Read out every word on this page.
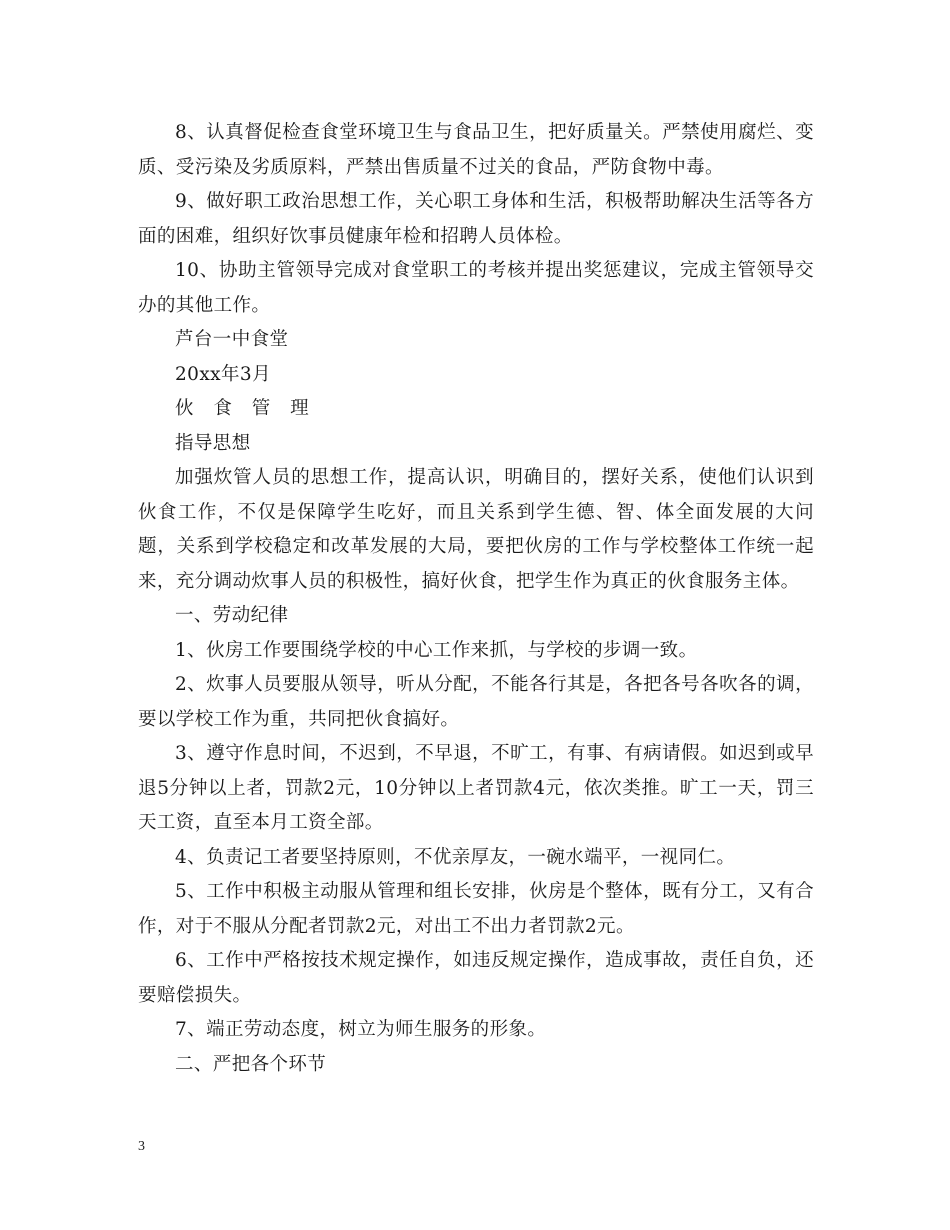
8、认真督促检查食堂环境卫生与食品卫生，把好质量关。严禁使用腐烂、变质、受污染及劣质原料，严禁出售质量不过关的食品，严防食物中毒。

9、做好职工政治思想工作，关心职工身体和生活，积极帮助解决生活等各方面的困难，组织好饮事员健康年检和招聘人员体检。

10、协助主管领导完成对食堂职工的考核并提出奖惩建议，完成主管领导交办的其他工作。

芦台一中食堂

20xx年3月

伙 食 管 理

指导思想

加强炊管人员的思想工作，提高认识，明确目的，摆好关系，使他们认识到伙食工作，不仅是保障学生吃好，而且关系到学生德、智、体全面发展的大问题，关系到学校稳定和改革发展的大局，要把伙房的工作与学校整体工作统一起来，充分调动炊事人员的积极性，搞好伙食，把学生作为真正的伙食服务主体。

一、劳动纪律

1、伙房工作要围绕学校的中心工作来抓，与学校的步调一致。

2、炊事人员要服从领导，听从分配，不能各行其是，各把各号各吹各的调，要以学校工作为重，共同把伙食搞好。

3、遵守作息时间，不迟到，不早退，不旷工，有事、有病请假。如迟到或早退5分钟以上者，罚款2元，10分钟以上者罚款4元，依次类推。旷工一天，罚三天工资，直至本月工资全部。

4、负责记工者要坚持原则，不优亲厚友，一碗水端平，一视同仁。

5、工作中积极主动服从管理和组长安排，伙房是个整体，既有分工，又有合作，对于不服从分配者罚款2元，对出工不出力者罚款2元。

6、工作中严格按技术规定操作，如违反规定操作，造成事故，责任自负，还要赔偿损失。

7、端正劳动态度，树立为师生服务的形象。

二、严把各个环节

3
